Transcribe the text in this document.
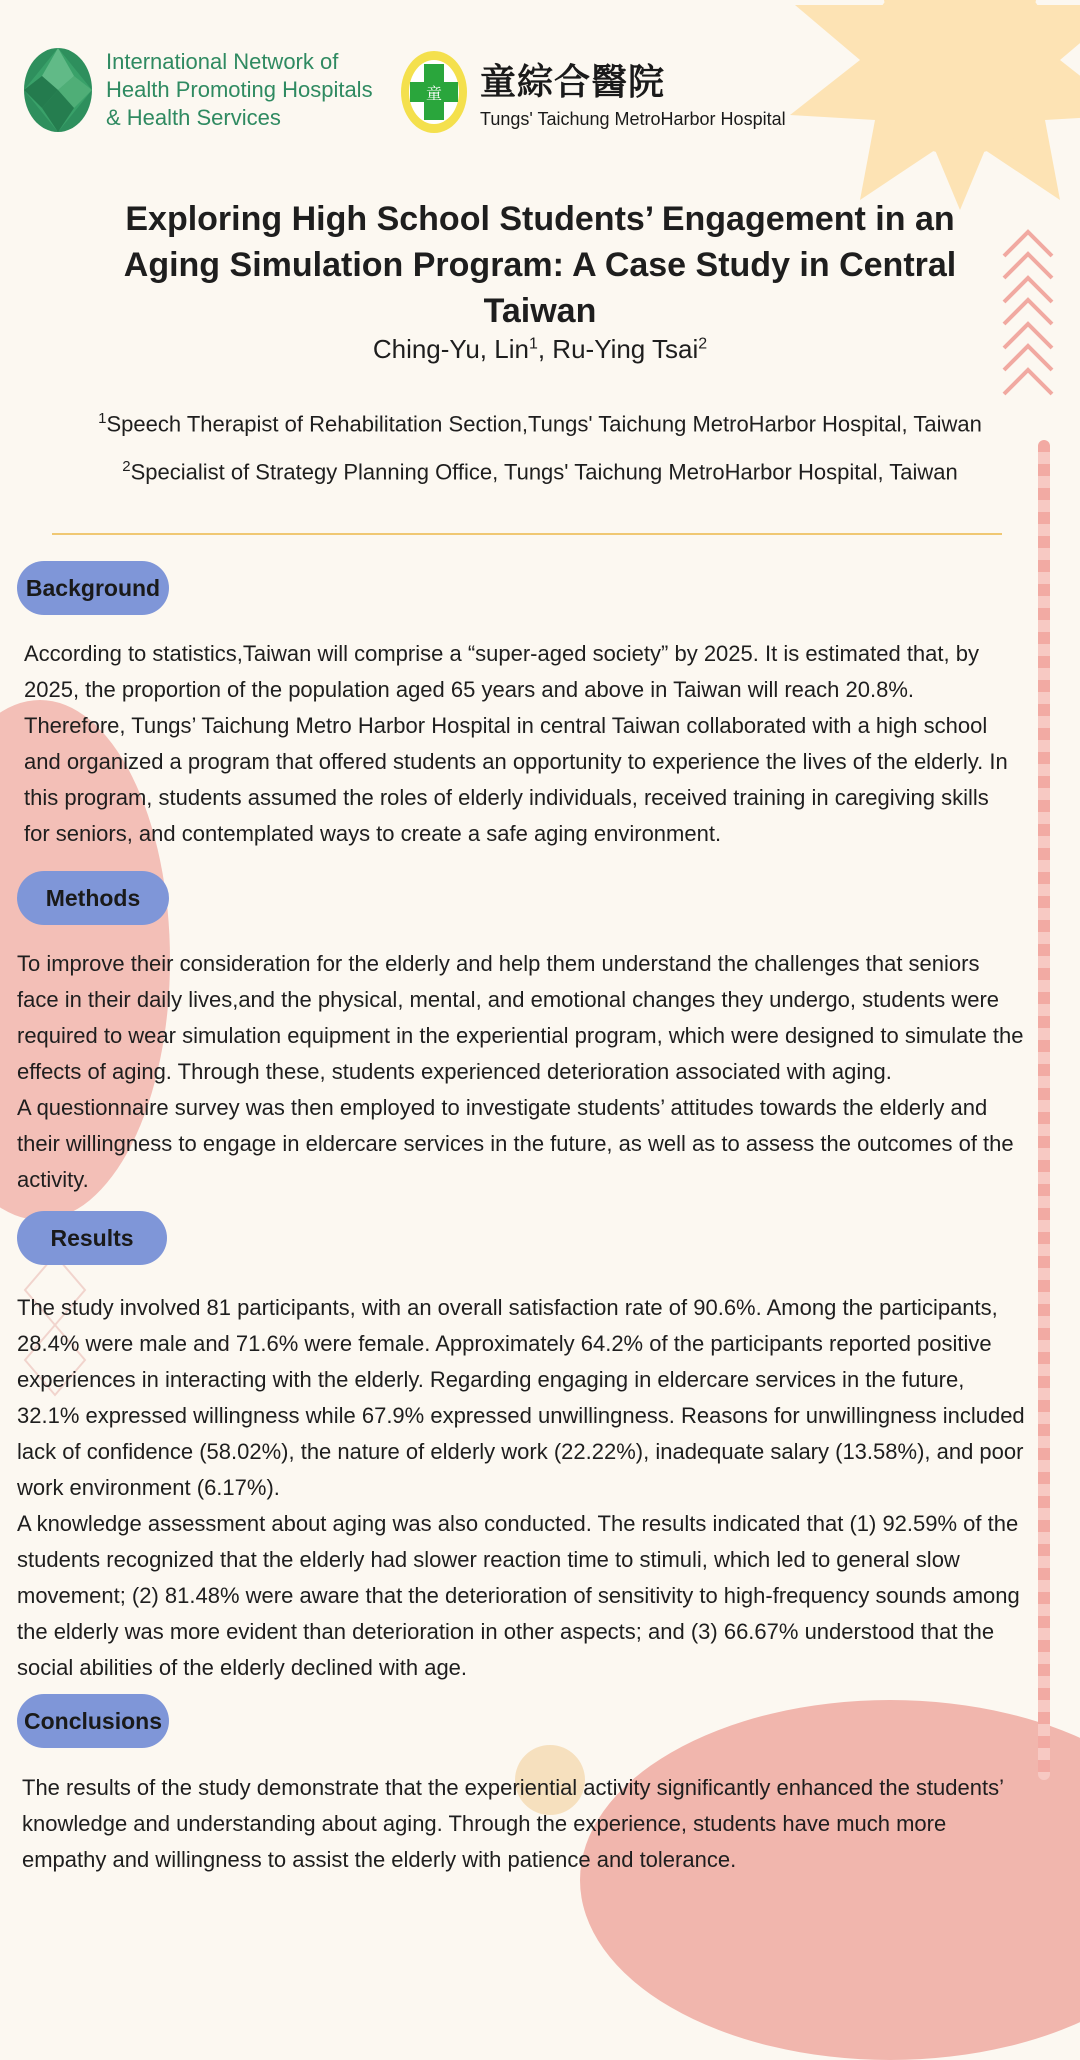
International Network of
Health Promoting Hospitals
& Health Services
童 童綜合醫院
Tungs' Taichung MetroHarbor Hospital
Exploring High School Students’ Engagement in an Aging Simulation Program: A Case Study in Central Taiwan
Ching-Yu, Lin$^1$, Ru-Ying Tsai$^2$
$^1$Speech Therapist of Rehabilitation Section,Tungs' Taichung MetroHarbor Hospital, Taiwan
$^2$Specialist of Strategy Planning Office, Tungs' Taichung MetroHarbor Hospital, Taiwan
Background

According to statistics,Taiwan will comprise a “super-aged society” by 2025. It is estimated that, by 2025, the proportion of the population aged 65 years and above in Taiwan will reach 20.8%. Therefore, Tungs’ Taichung Metro Harbor Hospital in central Taiwan collaborated with a high school and organized a program that offered students an opportunity to experience the lives of the elderly. In this program, students assumed the roles of elderly individuals, received training in caregiving skills for seniors, and contemplated ways to create a safe aging environment.

Methods

To improve their consideration for the elderly and help them understand the challenges that seniors face in their daily lives,and the physical, mental, and emotional changes they undergo, students were required to wear simulation equipment in the experiential program, which were designed to simulate the effects of aging. Through these, students experienced deterioration associated with aging.

A questionnaire survey was then employed to investigate students’ attitudes towards the elderly and their willingness to engage in eldercare services in the future, as well as to assess the outcomes of the activity.

Results

The study involved 81 participants, with an overall satisfaction rate of 90.6%. Among the participants, 28.4% were male and 71.6% were female. Approximately 64.2% of the participants reported positive experiences in interacting with the elderly. Regarding engaging in eldercare services in the future, 32.1% expressed willingness while 67.9% expressed unwillingness. Reasons for unwillingness included lack of confidence (58.02%), the nature of elderly work (22.22%), inadequate salary (13.58%), and poor work environment (6.17%).

A knowledge assessment about aging was also conducted. The results indicated that (1) 92.59% of the students recognized that the elderly had slower reaction time to stimuli, which led to general slow movement; (2) 81.48% were aware that the deterioration of sensitivity to high-frequency sounds among the elderly was more evident than deterioration in other aspects; and (3) 66.67% understood that the social abilities of the elderly declined with age.

Conclusions

The results of the study demonstrate that the experiential activity significantly enhanced the students’ knowledge and understanding about aging. Through the experience, students have much more empathy and willingness to assist the elderly with patience and tolerance.
